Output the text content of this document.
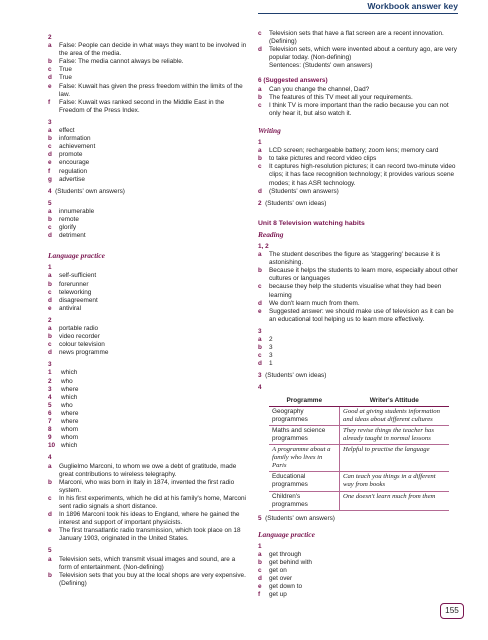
Workbook answer key
2
a	False: People can decide in what ways they want to be involved in the area of the media.
b	False: The media cannot always be reliable.
c	True
d	True
e	False: Kuwait has given the press freedom within the limits of the law.
f	False: Kuwait was ranked second in the Middle East in the Freedom of the Press Index.
3
a	effect
b	information
c	achievement
d	promote
e	encourage
f	regulation
g	advertise
4 (Students' own answers)
5
a	innumerable
b	remote
c	glorify
d	detriment
Language practice
1
a	self-sufficient
b	forerunner
c	teleworking
d	disagreement
e	antiviral
2
a	portable radio
b	video recorder
c	colour television
d	news programme
3
1	which
2	who
3	where
4	which
5	who
6	where
7	where
8	whom
9	whom
10 which
4
a	Guglielmo Marconi, to whom we owe a debt of gratitude, made great contributions to wireless telegraphy.
b	Marconi, who was born in Italy in 1874, invented the first radio system.
c	In his first experiments, which he did at his family's home, Marconi sent radio signals a short distance.
d	In 1896 Marconi took his ideas to England, where he gained the interest and support of important physicists.
e	The first transatlantic radio transmission, which took place on 18 January 1903, originated in the United States.
5
a	Television sets, which transmit visual images and sound, are a form of entertainment. (Non-defining)
b	Television sets that you buy at the local shops are very expensive. (Defining)
c	Television sets that have a flat screen are a recent innovation. (Defining)
d	Television sets, which were invented about a century ago, are very popular today. (Non-defining)
Sentences: (Students' own answers)
6 (Suggested answers)
a	Can you change the channel, Dad?
b	The features of this TV meet all your requirements.
c	I think TV is more important than the radio because you can not only hear it, but also watch it.
Writing
1
a	LCD screen; rechargeable battery; zoom lens; memory card
b	to take pictures and record video clips
c	It captures high-resolution pictures; it can record two-minute video clips; it has face recognition technology; it provides various scene modes; it has ASR technology.
d	(Students' own answers)
2 (Students' own ideas)
Unit 8 Television watching habits
Reading
1, 2
a	The student describes the figure as 'staggering' because it is astonishing.
b	Because it helps the students to learn more, especially about other cultures or languages
c	because they help the students visualise what they had been learning
d	We don't learn much from them.
e	Suggested answer: we should make use of television as it can be an educational tool helping us to learn more effectively.
3
a	2
b	3
c	3
d	1
3 (Students' own ideas)
4
Programme	Writer's Attitude
Geography programmes	Good at giving students information and ideas about different cultures
Maths and science programmes	They revise things the teacher has already taught in normal lessons
A programme about a family who lives in Paris	Helpful to practise the language
Educational programmes	Can teach you things in a different way from books
Children's programmes	One doesn't learn much from them
5 (Students' own answers)
Language practice
1
a	get through
b	get behind with
c	get on
d	get over
e	get down to
f	get up
155
